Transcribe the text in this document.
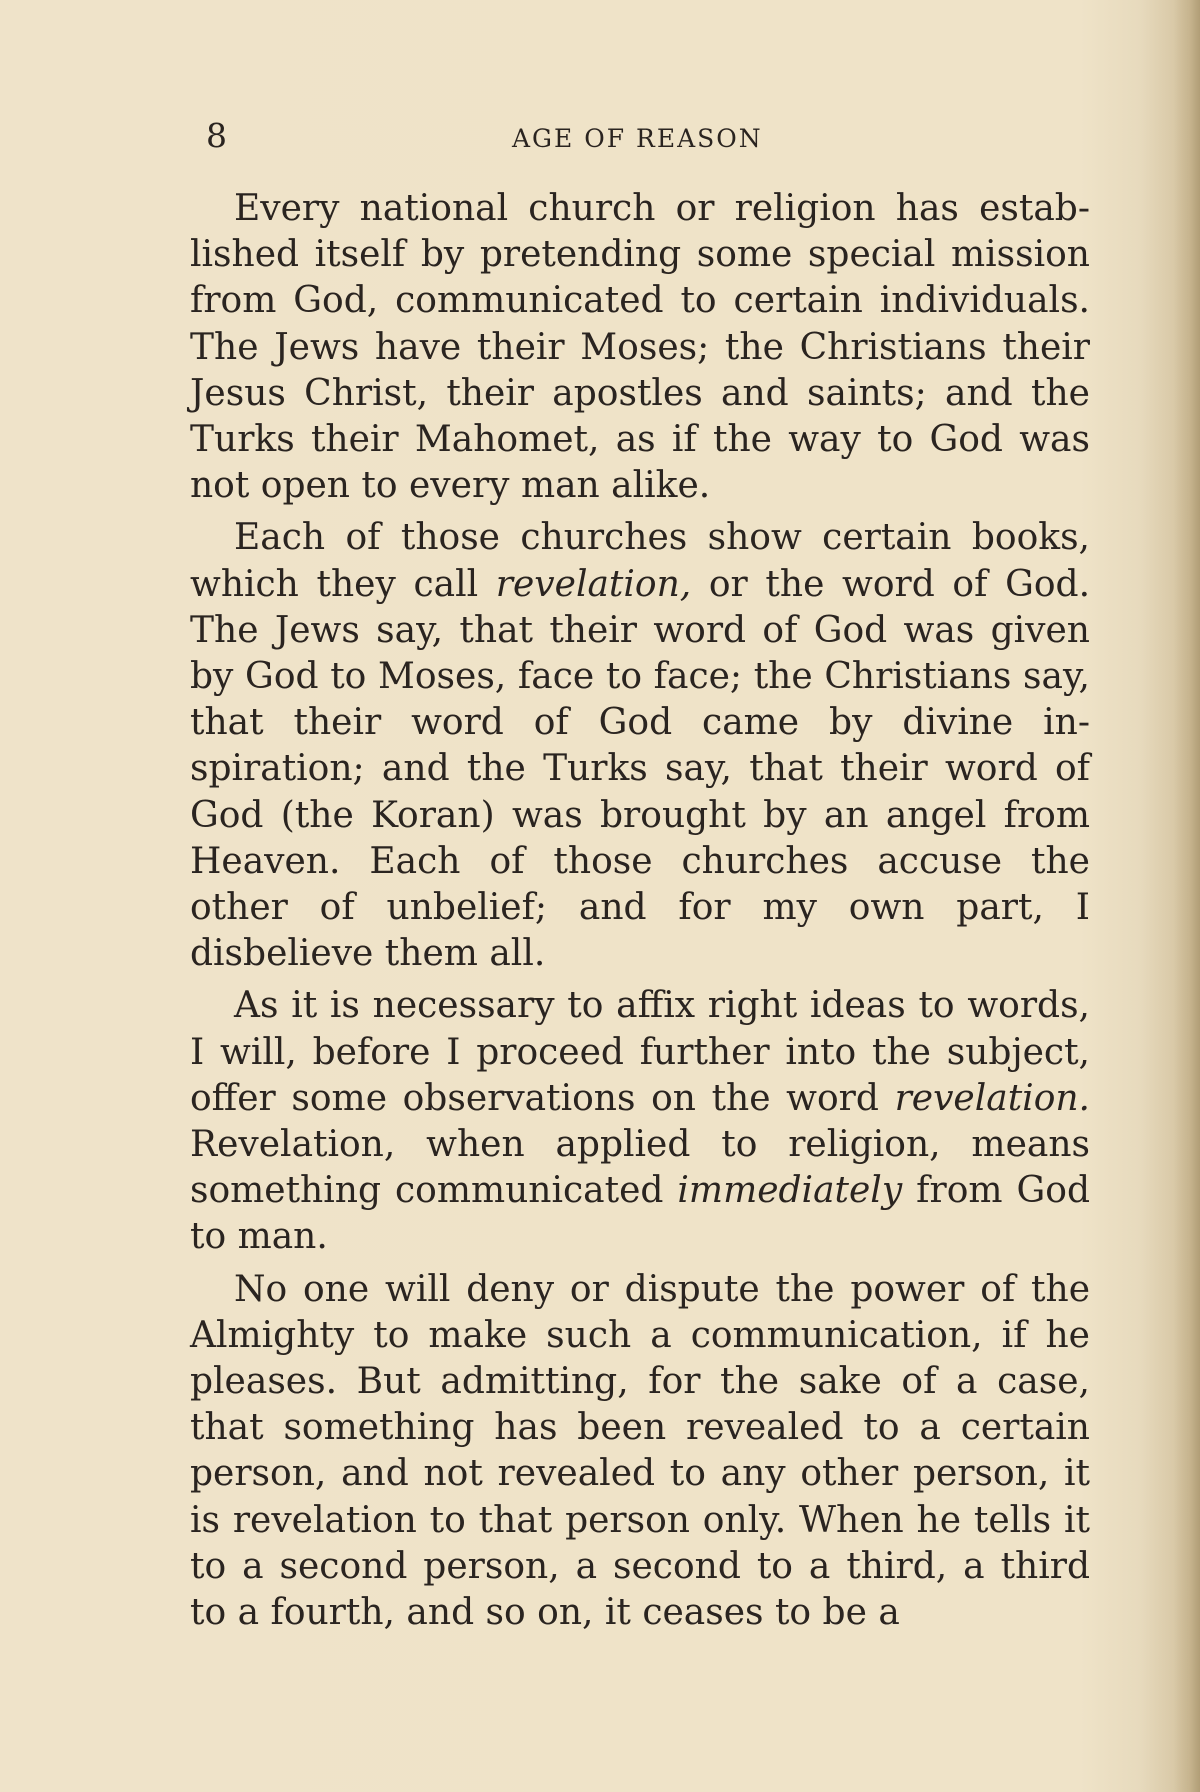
8	AGE OF REASON

Every national church or religion has established itself by pretending some special mission from God, communicated to certain individuals. The Jews have their Moses; the Christians their Jesus Christ, their apostles and saints; and the Turks their Mahomet, as if the way to God was not open to every man alike.

Each of those churches show certain books, which they call revelation, or the word of God. The Jews say, that their word of God was given by God to Moses, face to face; the Christians say, that their word of God came by divine inspiration; and the Turks say, that their word of God (the Koran) was brought by an angel from Heaven. Each of those churches accuse the other of unbelief; and for my own part, I disbelieve them all.

As it is necessary to affix right ideas to words, I will, before I proceed further into the subject, offer some observations on the word revelation. Revelation, when applied to religion, means something communicated immediately from God to man.

No one will deny or dispute the power of the Almighty to make such a communication, if he pleases. But admitting, for the sake of a case, that something has been revealed to a certain person, and not revealed to any other person, it is revelation to that person only. When he tells it to a second person, a second to a third, a third to a fourth, and so on, it ceases to be a
